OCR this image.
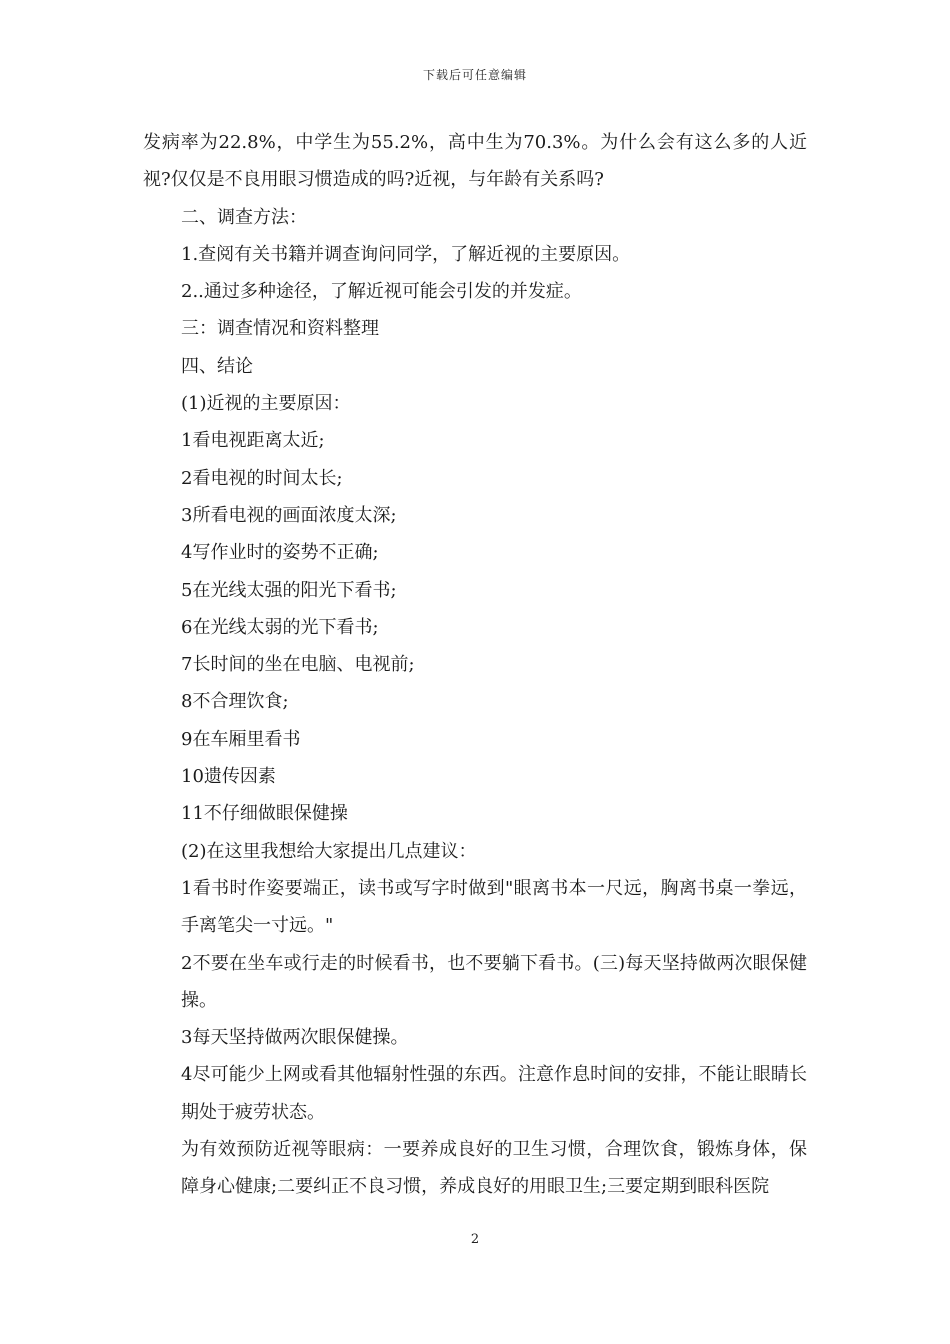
下载后可任意编辑

发病率为22.8%，中学生为55.2%，高中生为70.3%。为什么会有这么多的人近视?仅仅是不良用眼习惯造成的吗?近视，与年龄有关系吗?

二、调查方法：

1.查阅有关书籍并调查询问同学，了解近视的主要原因。

2..通过多种途径，了解近视可能会引发的并发症。

三：调查情况和资料整理

四、结论

(1)近视的主要原因：

1看电视距离太近;

2看电视的时间太长;

3所看电视的画面浓度太深;

4写作业时的姿势不正确;

5在光线太强的阳光下看书;

6在光线太弱的光下看书;

7长时间的坐在电脑、电视前;

8不合理饮食;

9在车厢里看书

10遗传因素

11不仔细做眼保健操

(2)在这里我想给大家提出几点建议：

1看书时作姿要端正，读书或写字时做到"眼离书本一尺远，胸离书桌一拳远，手离笔尖一寸远。"

2不要在坐车或行走的时候看书，也不要躺下看书。(三)每天坚持做两次眼保健操。

3每天坚持做两次眼保健操。

4尽可能少上网或看其他辐射性强的东西。注意作息时间的安排，不能让眼睛长期处于疲劳状态。

为有效预防近视等眼病：一要养成良好的卫生习惯，合理饮食，锻炼身体，保障身心健康;二要纠正不良习惯，养成良好的用眼卫生;三要定期到眼科医院

2
